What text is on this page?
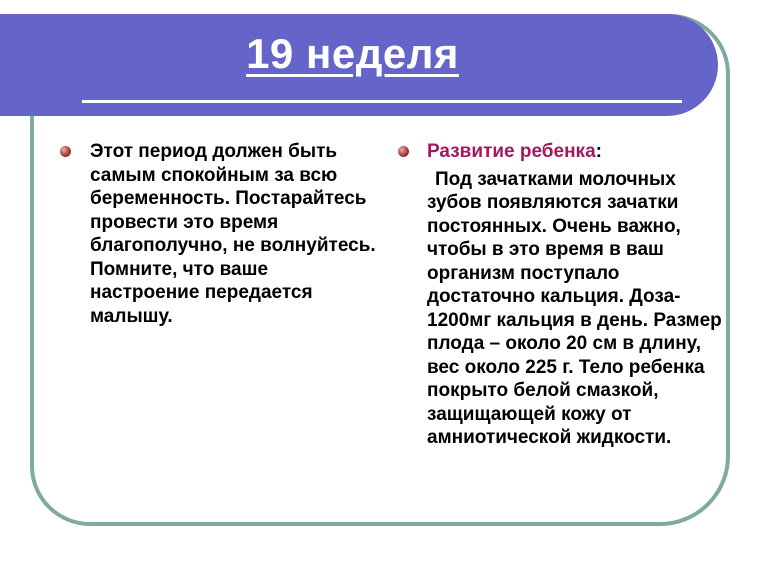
19 неделя
Этот период должен быть самым спокойным за всю беременность. Постарайтесь провести это время благополучно, не волнуйтесь. Помните, что ваше настроение передается малышу.
Развитие ребенка:
Под зачатками молочных зубов появляются зачатки постоянных. Очень важно, чтобы в это время в ваш организм поступало достаточно кальция. Доза- 1200мг кальция в день. Размер плода – около 20 см в длину, вес около 225 г. Тело ребенка покрыто белой смазкой, защищающей кожу от амниотической жидкости.
